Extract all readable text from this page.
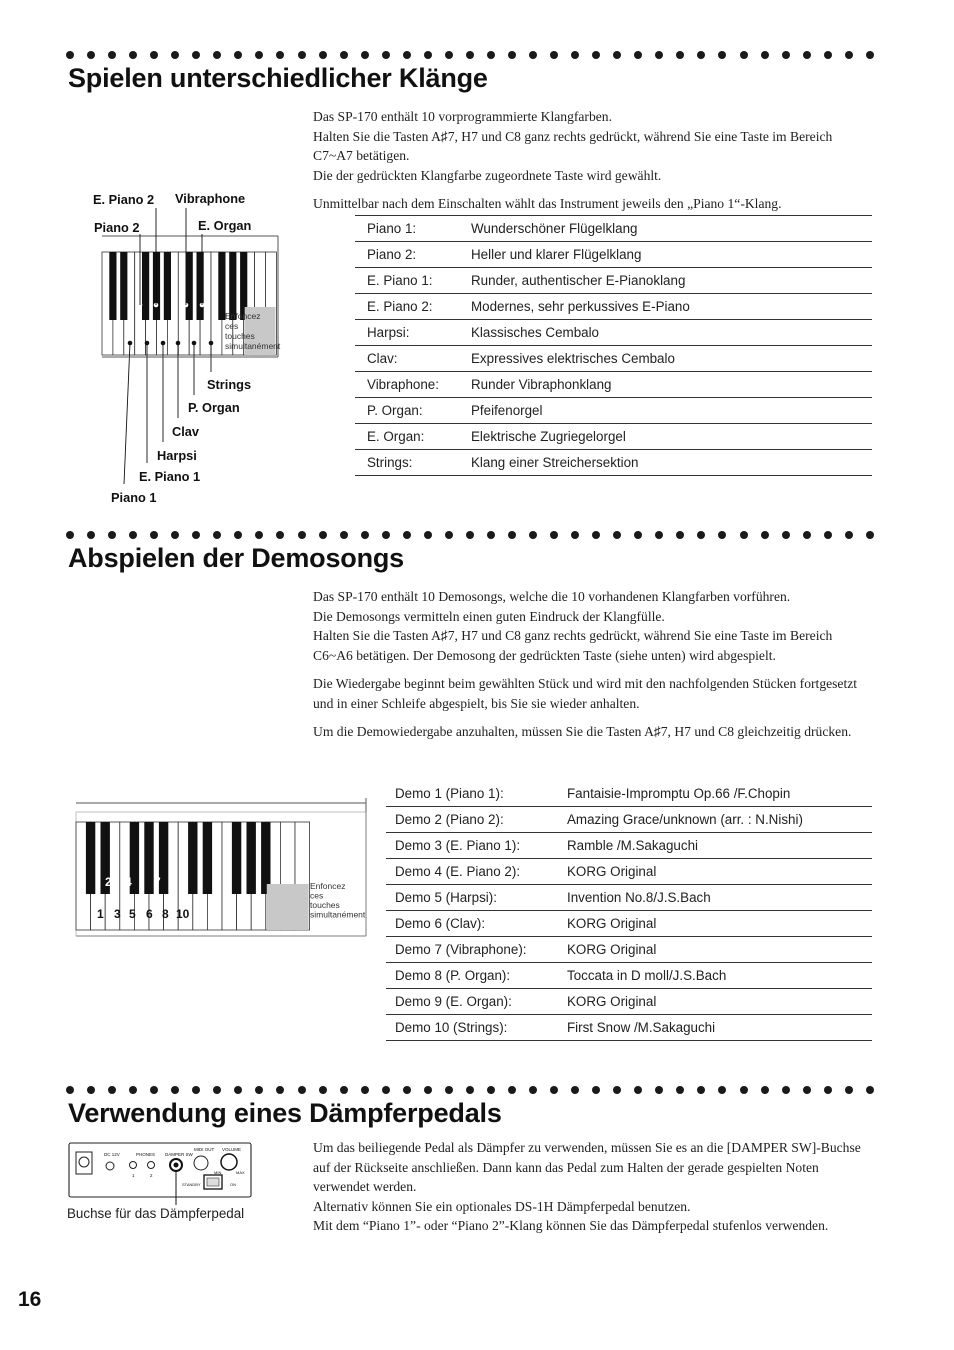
Spielen unterschiedlicher Klänge

Das SP-170 enthält 10 vorprogrammierte Klangfarben.

Halten Sie die Tasten A♯7, H7 und C8 ganz rechts gedrückt, während Sie eine Taste im Bereich C7~A7 betätigen.

Die der gedrückten Klangfarbe zugeordnete Taste wird gewählt.

Unmittelbar nach dem Einschalten wählt das Instrument jeweils den „Piano 1“-Klang.

Piano 1:	Wunderschöner Flügelklang
Piano 2:	Heller und klarer Flügelklang
E. Piano 1:	Runder, authentischer E-Pianoklang
E. Piano 2:	Modernes, sehr perkussives E-Piano
Harpsi:	Klassisches Cembalo
Clav:	Expressives elektrisches Cembalo
Vibraphone:	Runder Vibraphonklang
P. Organ:	Pfeifenorgel
E. Organ:	Elektrische Zugriegelorgel
Strings:	Klang einer Streichersektion
Enfoncez
ces
touches
simultanément
E. Piano 2 Vibraphone
Piano 2	E. Organ
Strings
P. Organ
Clav
Harpsi
E. Piano 1
Piano 1
Abspielen der Demosongs

Das SP-170 enthält 10 Demosongs, welche die 10 vorhandenen Klangfarben vorführen.

Die Demosongs vermitteln einen guten Eindruck der Klangfülle.

Halten Sie die Tasten A♯7, H7 und C8 ganz rechts gedrückt, während Sie eine Taste im Bereich C6~A6 betätigen. Der Demosong der gedrückten Taste (siehe unten) wird abgespielt.

Die Wiedergabe beginnt beim gewählten Stück und wird mit den nachfolgenden Stücken fortgesetzt und in einer Schleife abgespielt, bis Sie sie wieder anhalten.

Um die Demowiedergabe anzuhalten, müssen Sie die Tasten A♯7, H7 und C8 gleichzeitig drücken.

Demo 1 (Piano 1):	Fantaisie-Impromptu Op.66 /F.Chopin
Demo 2 (Piano 2):	Amazing Grace/unknown (arr. : N.Nishi)
Demo 3 (E. Piano 1):	Ramble /M.Sakaguchi
Demo 4 (E. Piano 2):	KORG Original
Demo 5 (Harpsi):	Invention No.8/J.S.Bach
Demo 6 (Clav):	KORG Original
Demo 7 (Vibraphone):	KORG Original
Demo 8 (P. Organ):	Toccata in D moll/J.S.Bach
Demo 9 (E. Organ):	KORG Original
Demo 10 (Strings):	First Snow /M.Sakaguchi
Enfoncez
ces
touches
simultanément
1 3 5 6 8 10
2 4 7 9
Verwendung eines Dämpferpedals

Um das beiliegende Pedal als Dämpfer zu verwenden, müssen Sie es an die [DAMPER SW]-Buchse auf der Rückseite anschließen. Dann kann das Pedal zum Halten der gerade gespielten Noten verwendet werden.

Alternativ können Sie ein optionales DS-1H Dämpferpedal benutzen.

Mit dem “Piano 1”- oder “Piano 2”-Klang können Sie das Dämpferpedal stufenlos verwenden.

DC 12V	PHONES
1	2
DAMPER SW
MIDI OUT VOLUME
MIN	MAX
STANDBY	ON
Buchse für das Dämpferpedal
16
